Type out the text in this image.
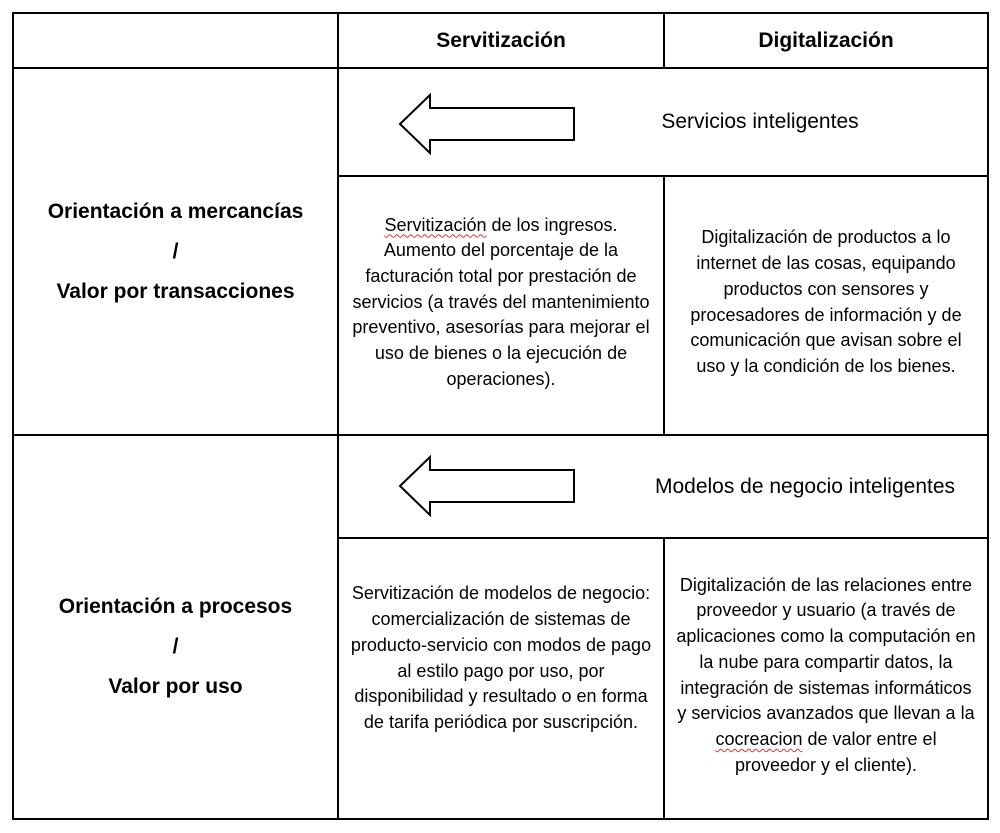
Servitización	Digitalización
Orientación a mercancías
/
Valor por transacciones
Servicios inteligentes
Servitización de los ingresos. Aumento del porcentaje de la facturación total por prestación de servicios (a través del mantenimiento preventivo, asesorías para mejorar el uso de bienes o la ejecución de operaciones).
Digitalización de productos a lo internet de las cosas, equipando productos con sensores y procesadores de información y de comunicación que avisan sobre el uso y la condición de los bienes.
Orientación a procesos
/
Valor por uso
Modelos de negocio inteligentes
Servitización de modelos de negocio: comercialización de sistemas de producto-servicio con modos de pago al estilo pago por uso, por disponibilidad y resultado o en forma de tarifa periódica por suscripción.
Digitalización de las relaciones entre proveedor y usuario (a través de aplicaciones como la computación en la nube para compartir datos, la integración de sistemas informáticos y servicios avanzados que llevan a la cocreacion de valor entre el proveedor y el cliente).
